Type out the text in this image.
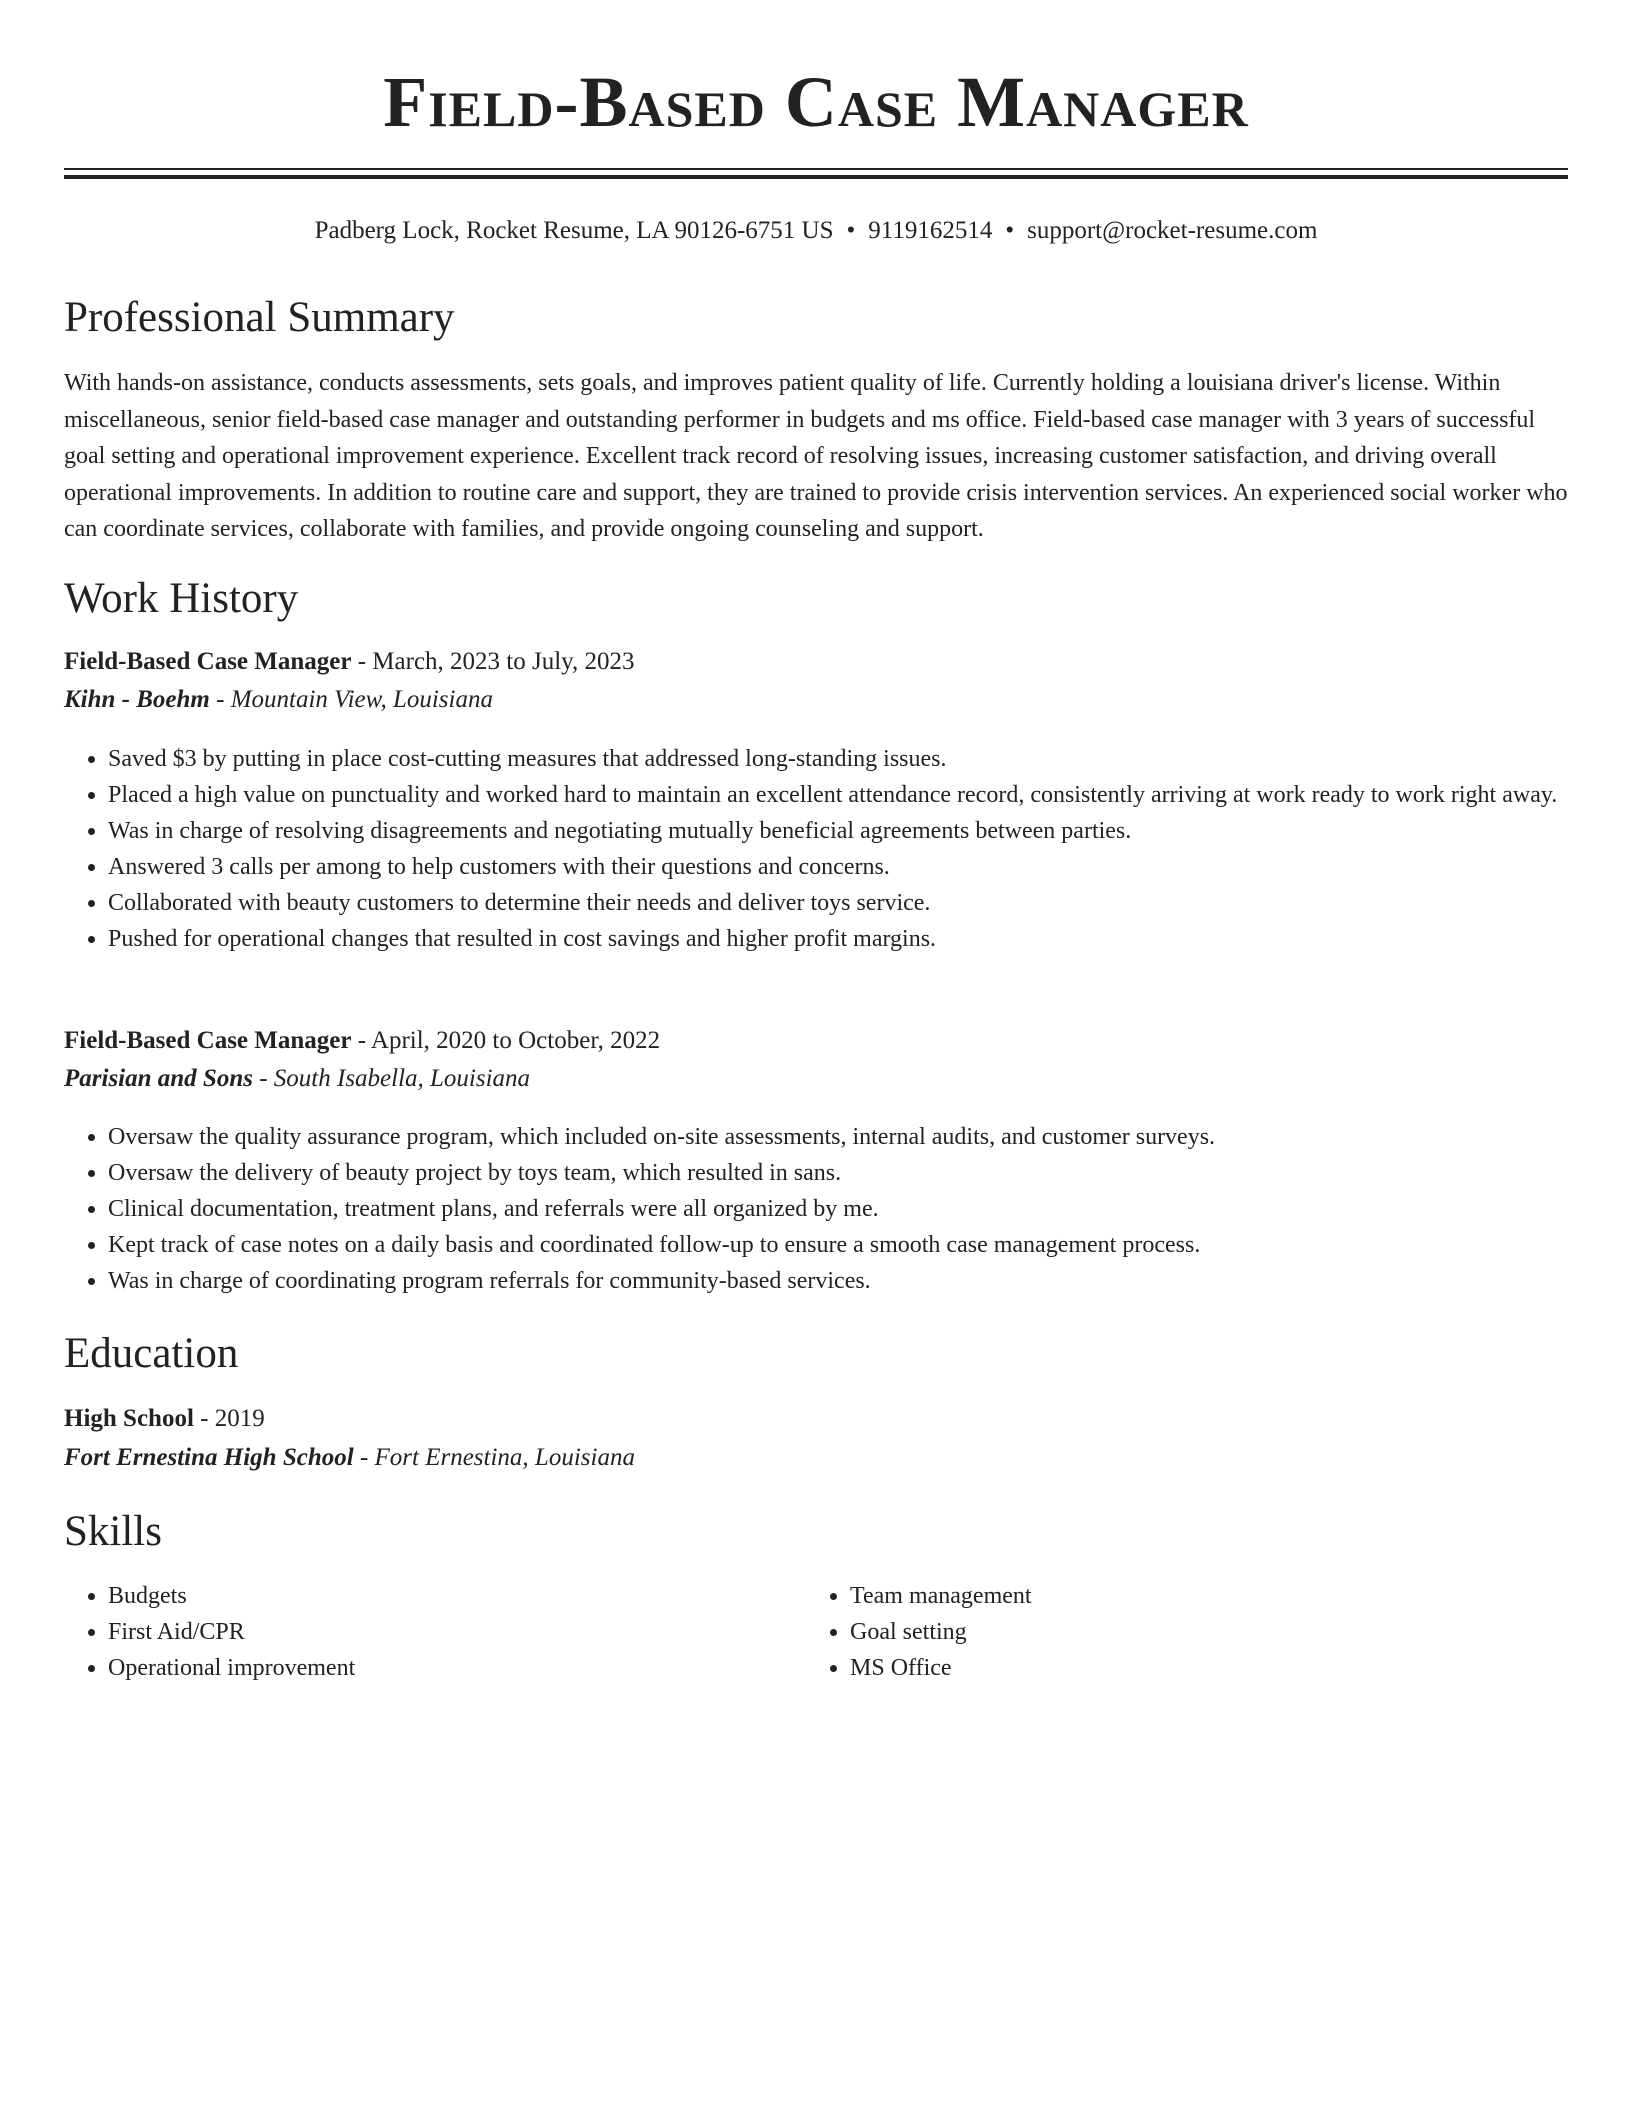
Field-Based Case Manager
Padberg Lock, Rocket Resume, LA 90126-6751 US • 9119162514 • support@rocket-resume.com
Professional Summary

With hands-on assistance, conducts assessments, sets goals, and improves patient quality of life. Currently holding a louisiana driver's license. Within miscellaneous, senior field-based case manager and outstanding performer in budgets and ms office. Field-based case manager with 3 years of successful goal setting and operational improvement experience. Excellent track record of resolving issues, increasing customer satisfaction, and driving overall operational improvements. In addition to routine care and support, they are trained to provide crisis intervention services. An experienced social worker who can coordinate services, collaborate with families, and provide ongoing counseling and support.

Work History
Field-Based Case Manager - March, 2023 to July, 2023
Kihn - Boehm - Mountain View, Louisiana
• Saved $3 by putting in place cost-cutting measures that addressed long-standing issues.
• Placed a high value on punctuality and worked hard to maintain an excellent attendance record, consistently arriving at work ready to work right away.
• Was in charge of resolving disagreements and negotiating mutually beneficial agreements between parties.
• Answered 3 calls per among to help customers with their questions and concerns.
• Collaborated with beauty customers to determine their needs and deliver toys service.
• Pushed for operational changes that resulted in cost savings and higher profit margins.
Field-Based Case Manager - April, 2020 to October, 2022
Parisian and Sons - South Isabella, Louisiana
• Oversaw the quality assurance program, which included on-site assessments, internal audits, and customer surveys.
• Oversaw the delivery of beauty project by toys team, which resulted in sans.
• Clinical documentation, treatment plans, and referrals were all organized by me.
• Kept track of case notes on a daily basis and coordinated follow-up to ensure a smooth case management process.
• Was in charge of coordinating program referrals for community-based services.
Education
High School - 2019
Fort Ernestina High School - Fort Ernestina, Louisiana
Skills
• Budgets
• First Aid/CPR
• Operational improvement
• Team management
• Goal setting
• MS Office
